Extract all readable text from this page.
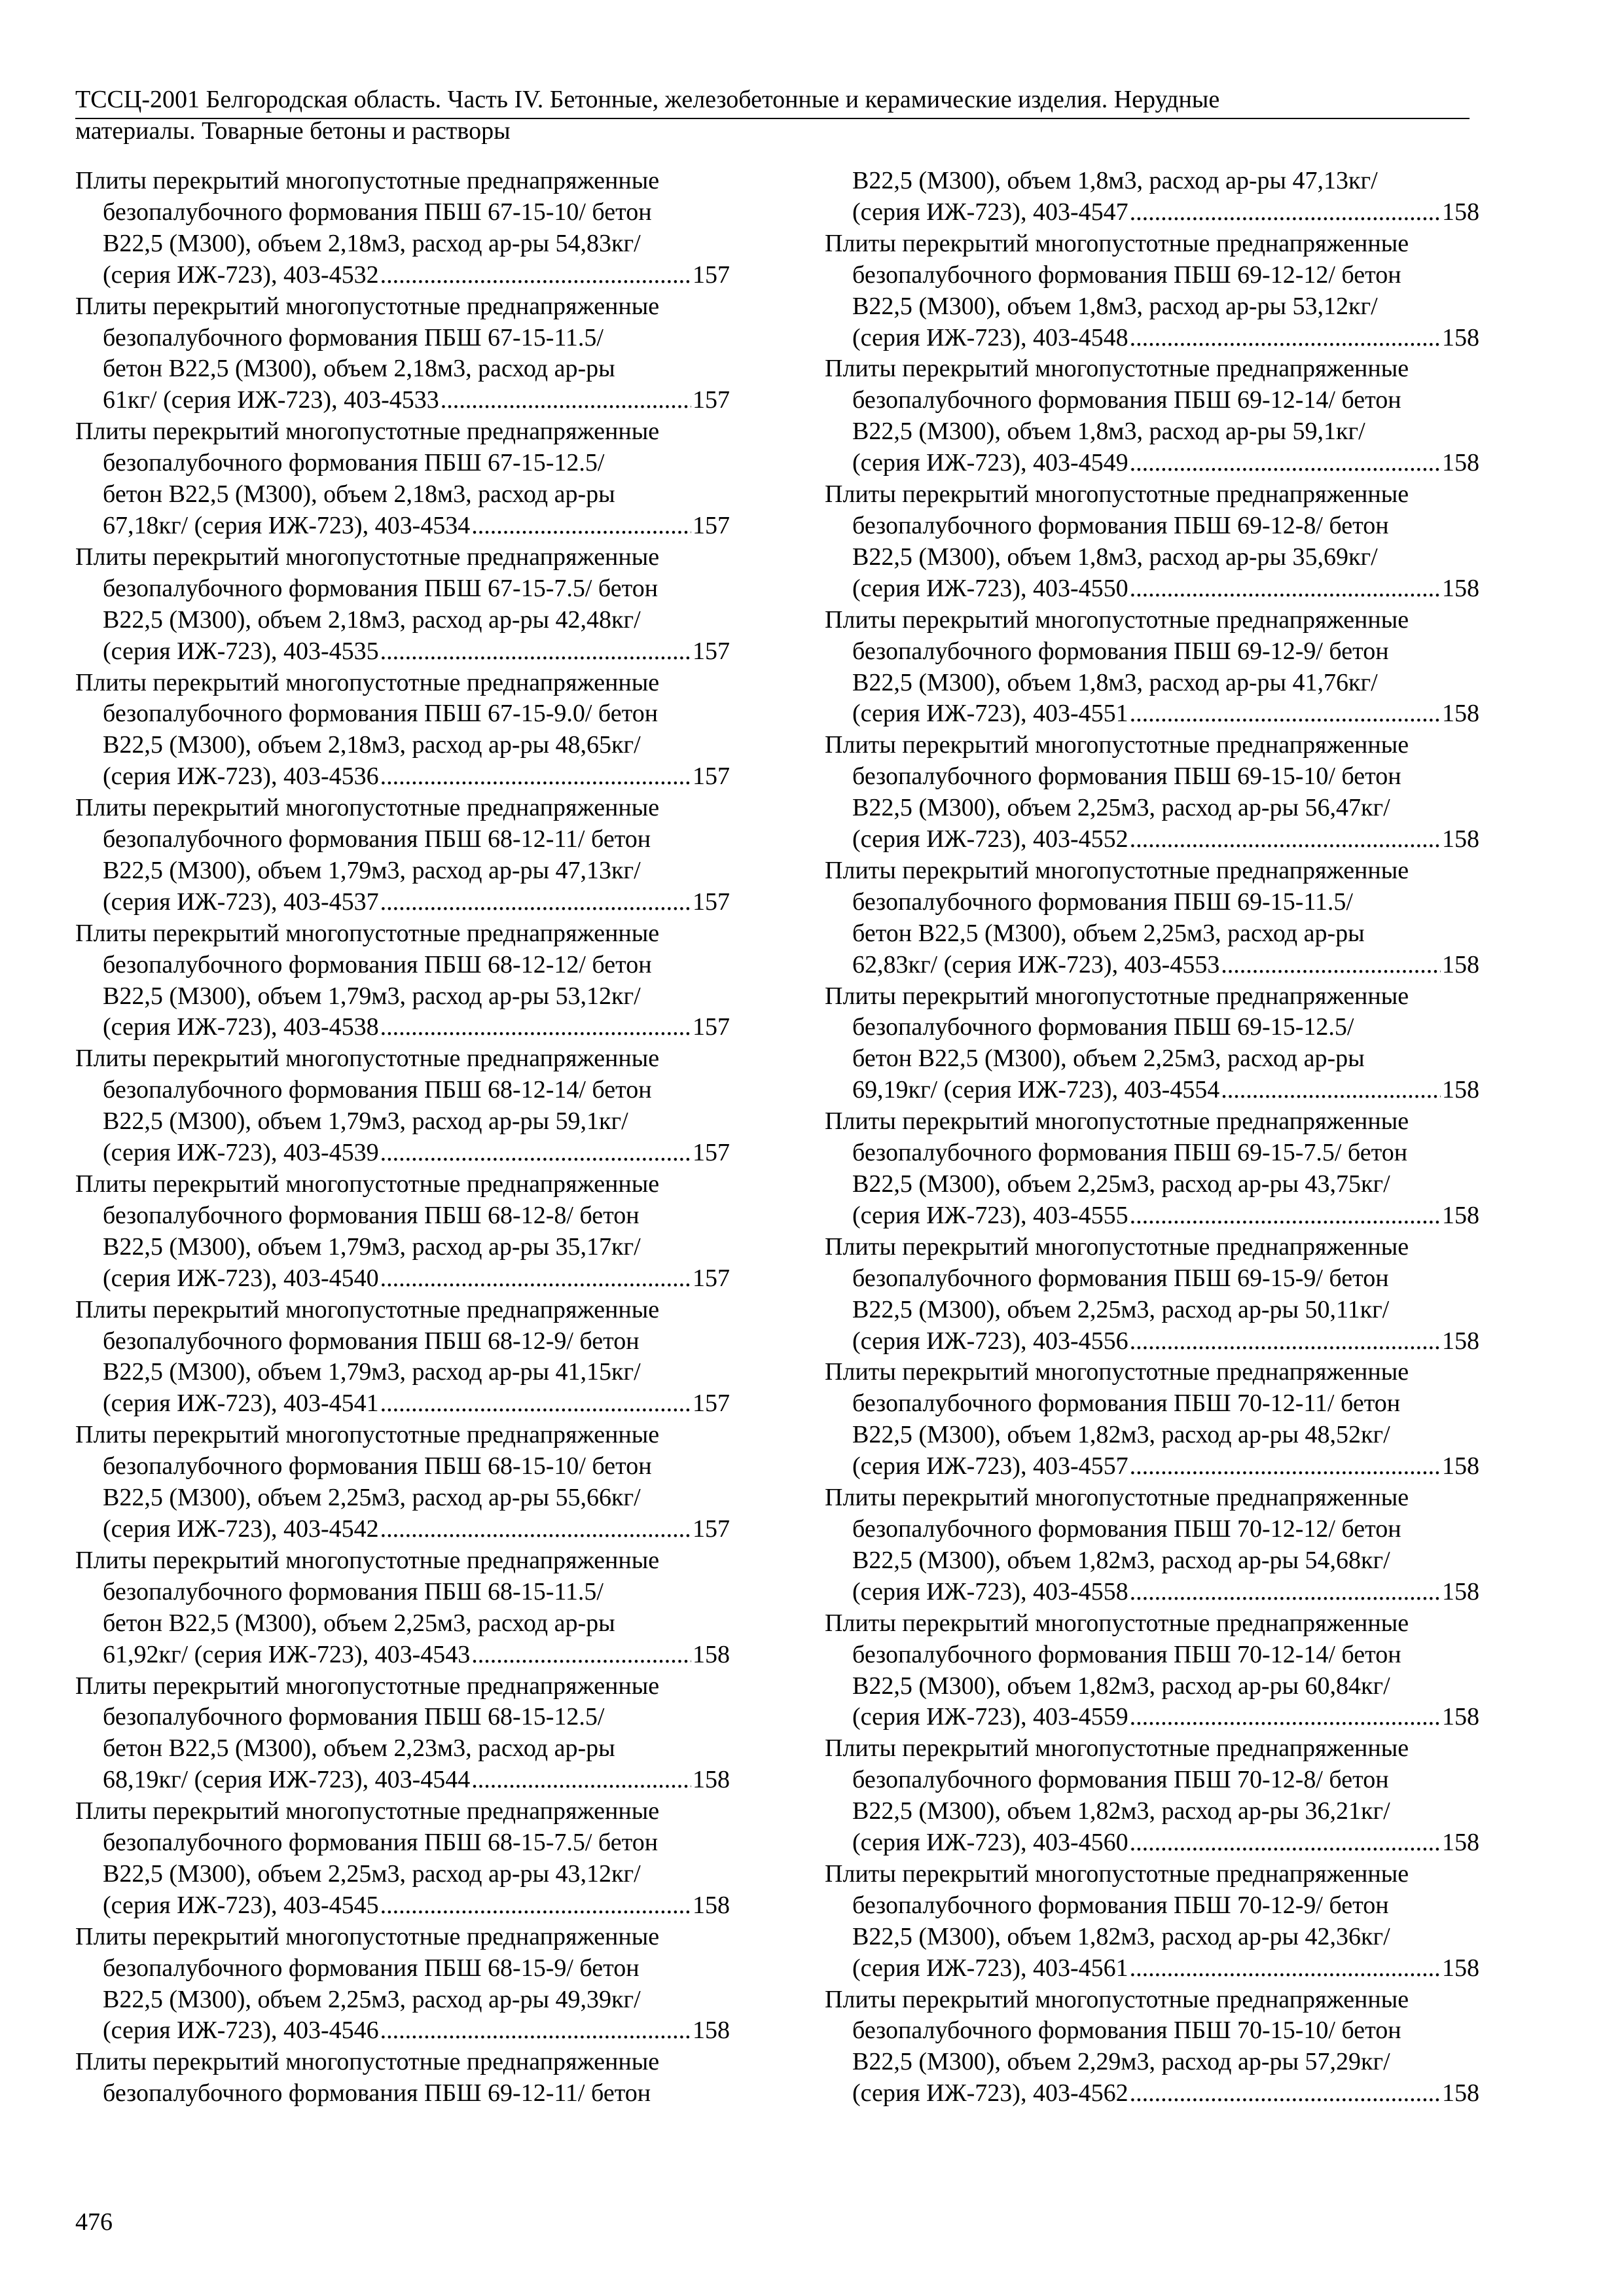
ТССЦ-2001 Белгородская область. Часть IV. Бетонные, железобетонные и керамические изделия. Нерудные
материалы. Товарные бетоны и растворы
Плиты перекрытий многопустотные преднапряженные
безопалубочного формования ПБШ 67-15-10/ бетон
В22,5 (М300), объем 2,18м3, расход ар-ры 54,83кг/
(серия ИЖ-723), 403-4532 .....	157
Плиты перекрытий многопустотные преднапряженные
безопалубочного формования ПБШ 67-15-11.5/
бетон В22,5 (М300), объем 2,18м3, расход ар-ры
61кг/ (серия ИЖ-723), 403-4533 .....	157
Плиты перекрытий многопустотные преднапряженные
безопалубочного формования ПБШ 67-15-12.5/
бетон В22,5 (М300), объем 2,18м3, расход ар-ры
67,18кг/ (серия ИЖ-723), 403-4534 .....	157
Плиты перекрытий многопустотные преднапряженные
безопалубочного формования ПБШ 67-15-7.5/ бетон
В22,5 (М300), объем 2,18м3, расход ар-ры 42,48кг/
(серия ИЖ-723), 403-4535 .....	157
Плиты перекрытий многопустотные преднапряженные
безопалубочного формования ПБШ 67-15-9.0/ бетон
В22,5 (М300), объем 2,18м3, расход ар-ры 48,65кг/
(серия ИЖ-723), 403-4536 .....	157
Плиты перекрытий многопустотные преднапряженные
безопалубочного формования ПБШ 68-12-11/ бетон
В22,5 (М300), объем 1,79м3, расход ар-ры 47,13кг/
(серия ИЖ-723), 403-4537 .....	157
Плиты перекрытий многопустотные преднапряженные
безопалубочного формования ПБШ 68-12-12/ бетон
В22,5 (М300), объем 1,79м3, расход ар-ры 53,12кг/
(серия ИЖ-723), 403-4538 .....	157
Плиты перекрытий многопустотные преднапряженные
безопалубочного формования ПБШ 68-12-14/ бетон
В22,5 (М300), объем 1,79м3, расход ар-ры 59,1кг/
(серия ИЖ-723), 403-4539 .....	157
Плиты перекрытий многопустотные преднапряженные
безопалубочного формования ПБШ 68-12-8/ бетон
В22,5 (М300), объем 1,79м3, расход ар-ры 35,17кг/
(серия ИЖ-723), 403-4540 .....	157
Плиты перекрытий многопустотные преднапряженные
безопалубочного формования ПБШ 68-12-9/ бетон
В22,5 (М300), объем 1,79м3, расход ар-ры 41,15кг/
(серия ИЖ-723), 403-4541 .....	157
Плиты перекрытий многопустотные преднапряженные
безопалубочного формования ПБШ 68-15-10/ бетон
В22,5 (М300), объем 2,25м3, расход ар-ры 55,66кг/
(серия ИЖ-723), 403-4542 .....	157
Плиты перекрытий многопустотные преднапряженные
безопалубочного формования ПБШ 68-15-11.5/
бетон В22,5 (М300), объем 2,25м3, расход ар-ры
61,92кг/ (серия ИЖ-723), 403-4543 .....	158
Плиты перекрытий многопустотные преднапряженные
безопалубочного формования ПБШ 68-15-12.5/
бетон В22,5 (М300), объем 2,23м3, расход ар-ры
68,19кг/ (серия ИЖ-723), 403-4544 .....	158
Плиты перекрытий многопустотные преднапряженные
безопалубочного формования ПБШ 68-15-7.5/ бетон
В22,5 (М300), объем 2,25м3, расход ар-ры 43,12кг/
(серия ИЖ-723), 403-4545 .....	158
Плиты перекрытий многопустотные преднапряженные
безопалубочного формования ПБШ 68-15-9/ бетон
В22,5 (М300), объем 2,25м3, расход ар-ры 49,39кг/
(серия ИЖ-723), 403-4546 .....	158
Плиты перекрытий многопустотные преднапряженные
безопалубочного формования ПБШ 69-12-11/ бетон
В22,5 (М300), объем 1,8м3, расход ар-ры 47,13кг/
(серия ИЖ-723), 403-4547 .....	158
Плиты перекрытий многопустотные преднапряженные
безопалубочного формования ПБШ 69-12-12/ бетон
В22,5 (М300), объем 1,8м3, расход ар-ры 53,12кг/
(серия ИЖ-723), 403-4548 .....	158
Плиты перекрытий многопустотные преднапряженные
безопалубочного формования ПБШ 69-12-14/ бетон
В22,5 (М300), объем 1,8м3, расход ар-ры 59,1кг/
(серия ИЖ-723), 403-4549 .....	158
Плиты перекрытий многопустотные преднапряженные
безопалубочного формования ПБШ 69-12-8/ бетон
В22,5 (М300), объем 1,8м3, расход ар-ры 35,69кг/
(серия ИЖ-723), 403-4550 .....	158
Плиты перекрытий многопустотные преднапряженные
безопалубочного формования ПБШ 69-12-9/ бетон
В22,5 (М300), объем 1,8м3, расход ар-ры 41,76кг/
(серия ИЖ-723), 403-4551 .....	158
Плиты перекрытий многопустотные преднапряженные
безопалубочного формования ПБШ 69-15-10/ бетон
В22,5 (М300), объем 2,25м3, расход ар-ры 56,47кг/
(серия ИЖ-723), 403-4552 .....	158
Плиты перекрытий многопустотные преднапряженные
безопалубочного формования ПБШ 69-15-11.5/
бетон В22,5 (М300), объем 2,25м3, расход ар-ры
62,83кг/ (серия ИЖ-723), 403-4553 .....	158
Плиты перекрытий многопустотные преднапряженные
безопалубочного формования ПБШ 69-15-12.5/
бетон В22,5 (М300), объем 2,25м3, расход ар-ры
69,19кг/ (серия ИЖ-723), 403-4554 .....	158
Плиты перекрытий многопустотные преднапряженные
безопалубочного формования ПБШ 69-15-7.5/ бетон
В22,5 (М300), объем 2,25м3, расход ар-ры 43,75кг/
(серия ИЖ-723), 403-4555 .....	158
Плиты перекрытий многопустотные преднапряженные
безопалубочного формования ПБШ 69-15-9/ бетон
В22,5 (М300), объем 2,25м3, расход ар-ры 50,11кг/
(серия ИЖ-723), 403-4556 .....	158
Плиты перекрытий многопустотные преднапряженные
безопалубочного формования ПБШ 70-12-11/ бетон
В22,5 (М300), объем 1,82м3, расход ар-ры 48,52кг/
(серия ИЖ-723), 403-4557 .....	158
Плиты перекрытий многопустотные преднапряженные
безопалубочного формования ПБШ 70-12-12/ бетон
В22,5 (М300), объем 1,82м3, расход ар-ры 54,68кг/
(серия ИЖ-723), 403-4558 .....	158
Плиты перекрытий многопустотные преднапряженные
безопалубочного формования ПБШ 70-12-14/ бетон
В22,5 (М300), объем 1,82м3, расход ар-ры 60,84кг/
(серия ИЖ-723), 403-4559 .....	158
Плиты перекрытий многопустотные преднапряженные
безопалубочного формования ПБШ 70-12-8/ бетон
В22,5 (М300), объем 1,82м3, расход ар-ры 36,21кг/
(серия ИЖ-723), 403-4560 .....	158
Плиты перекрытий многопустотные преднапряженные
безопалубочного формования ПБШ 70-12-9/ бетон
В22,5 (М300), объем 1,82м3, расход ар-ры 42,36кг/
(серия ИЖ-723), 403-4561 .....	158
Плиты перекрытий многопустотные преднапряженные
безопалубочного формования ПБШ 70-15-10/ бетон
В22,5 (М300), объем 2,29м3, расход ар-ры 57,29кг/
(серия ИЖ-723), 403-4562 .....	158
476
